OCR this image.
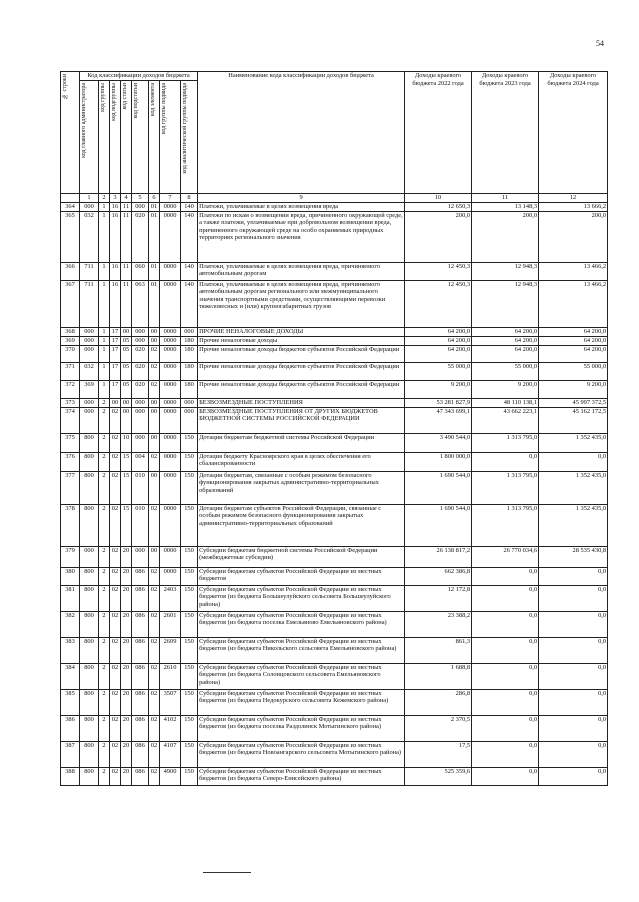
54
№ строки	Код классификации доходов бюджета								Наименование кода классификации доходов бюджета	Доходы краевого бюджета 2022 года	Доходы краевого бюджета 2023 года	Доходы краевого бюджета 2024 года

	код главного администратора	код группы	код подгруппы	код статьи	код подстатьи	код элемента	код группы подвида	код аналитической группы подвида				

	1	2	3	4	5	6	7	8	9	10	11	12
364	000	1	16	11	000	01	0000	140	Платежи, уплачиваемые в целях возмещения вреда	12 650,3	13 148,3	13 666,2
365	032	1	16	11	020	01	0000	140	Платежи по искам о возмещении вреда, причиненного окружающей среде, а также платежи, уплачиваемые при добровольном возмещении вреда, причиненного окружающей среде на особо охраняемых природных территориях регионального значения	200,0	200,0	200,0
366	711	1	16	11	060	01	0000	140	Платежи, уплачиваемые в целях возмещения вреда, причиняемого автомобильным дорогам	12 450,3	12 948,3	13 466,2
367	711	1	16	11	063	01	0000	140	Платежи, уплачиваемые в целях возмещения вреда, причиняемого автомобильным дорогам регионального или межмуниципального значения транспортными средствами, осуществляющими перевозки тяжеловесных и (или) крупногабаритных грузов	12 450,3	12 948,3	13 466,2
368	000	1	17	00	000	00	0000	000	ПРОЧИЕ НЕНАЛОГОВЫЕ ДОХОДЫ	64 200,0	64 200,0	64 200,0
369	000	1	17	05	000	00	0000	180	Прочие неналоговые доходы	64 200,0	64 200,0	64 200,0
370	000	1	17	05	020	02	0000	180	Прочие неналоговые доходы бюджетов субъектов Российской Федерации	64 200,0	64 200,0	64 200,0
371	032	1	17	05	020	02	0000	180	Прочие неналоговые доходы бюджетов субъектов Российской Федерации	55 000,0	55 000,0	55 000,0
372	369	1	17	05	020	02	0000	180	Прочие неналоговые доходы бюджетов субъектов Российской Федерации	9 200,0	9 200,0	9 200,0
373	000	2	00	00	000	00	0000	000	БЕЗВОЗМЕЗДНЫЕ ПОСТУПЛЕНИЯ	53 281 827,9	48 110 138,1	45 997 372,5
374	000	2	02	00	000	00	0000	000	БЕЗВОЗМЕЗДНЫЕ ПОСТУПЛЕНИЯ ОТ ДРУГИХ БЮДЖЕТОВ БЮДЖЕТНОЙ СИСТЕМЫ РОССИЙСКОЙ ФЕДЕРАЦИИ	47 343 699,1	43 662 223,1	45 162 172,5
375	800	2	02	10	000	00	0000	150	Дотации бюджетам бюджетной системы Российской Федерации	3 490 544,0	1 313 795,0	1 352 435,0
376	800	2	02	15	004	02	0000	150	Дотация бюджету Красноярского края в целях обеспечения его сбалансированности	1 800 000,0	0,0	0,0
377	800	2	02	15	010	00	0000	150	Дотации бюджетам, связанные с особым режимом безопасного функционирования закрытых административно-территориальных образований	1 690 544,0	1 313 795,0	1 352 435,0
378	800	2	02	15	010	02	0000	150	Дотации бюджетам субъектов Российской Федерации, связанные с особым режимом безопасного функционирования закрытых административно-территориальных образований	1 690 544,0	1 313 795,0	1 352 435,0
379	000	2	02	20	000	00	0000	150	Субсидии бюджетам бюджетной системы Российской Федерации (межбюджетные субсидии)	26 138 817,2	26 770 034,6	28 535 430,8
380	800	2	02	20	086	02	0000	150	Субсидии бюджетам субъектов Российской Федерации из местных бюджетов	662 386,8	0,0	0,0
381	800	2	02	20	086	02	2403	150	Субсидии бюджетам субъектов Российской Федерации из местных бюджетов (из бюджета Большеулуйского сельсовета Большеулуйского района)	12 172,8	0,0	0,0
382	800	2	02	20	086	02	2601	150	Субсидии бюджетам субъектов Российской Федерации из местных бюджетов (из бюджета поселка Емельяново Емельяновского района)	23 388,2	0,0	0,0
383	800	2	02	20	086	02	2609	150	Субсидии бюджетам субъектов Российской Федерации из местных бюджетов (из бюджета Никольского сельсовета Емельяновского района)	861,3	0,0	0,0
384	800	2	02	20	086	02	2610	150	Субсидии бюджетам субъектов Российской Федерации из местных бюджетов (из бюджета Солонцовского сельсовета Емельяновского района)	1 688,8	0,0	0,0
385	800	2	02	20	086	02	3507	150	Субсидии бюджетам субъектов Российской Федерации из местных бюджетов (из бюджета Недокурского сельсовета Кежемского района)	286,8	0,0	0,0
386	800	2	02	20	086	02	4102	150	Субсидии бюджетам субъектов Российской Федерации из местных бюджетов (из бюджета поселка Раздолинск Мотыгинского района)	2 370,5	0,0	0,0
387	800	2	02	20	086	02	4107	150	Субсидии бюджетам субъектов Российской Федерации из местных бюджетов (из бюджета Новоангарского сельсовета Мотыгинского района)	17,5	0,0	0,0
388	800	2	02	20	086	02	4900	150	Субсидии бюджетам субъектов Российской Федерации из местных бюджетов (из бюджета Северо-Енисейского района)	525 359,6	0,0	0,0
